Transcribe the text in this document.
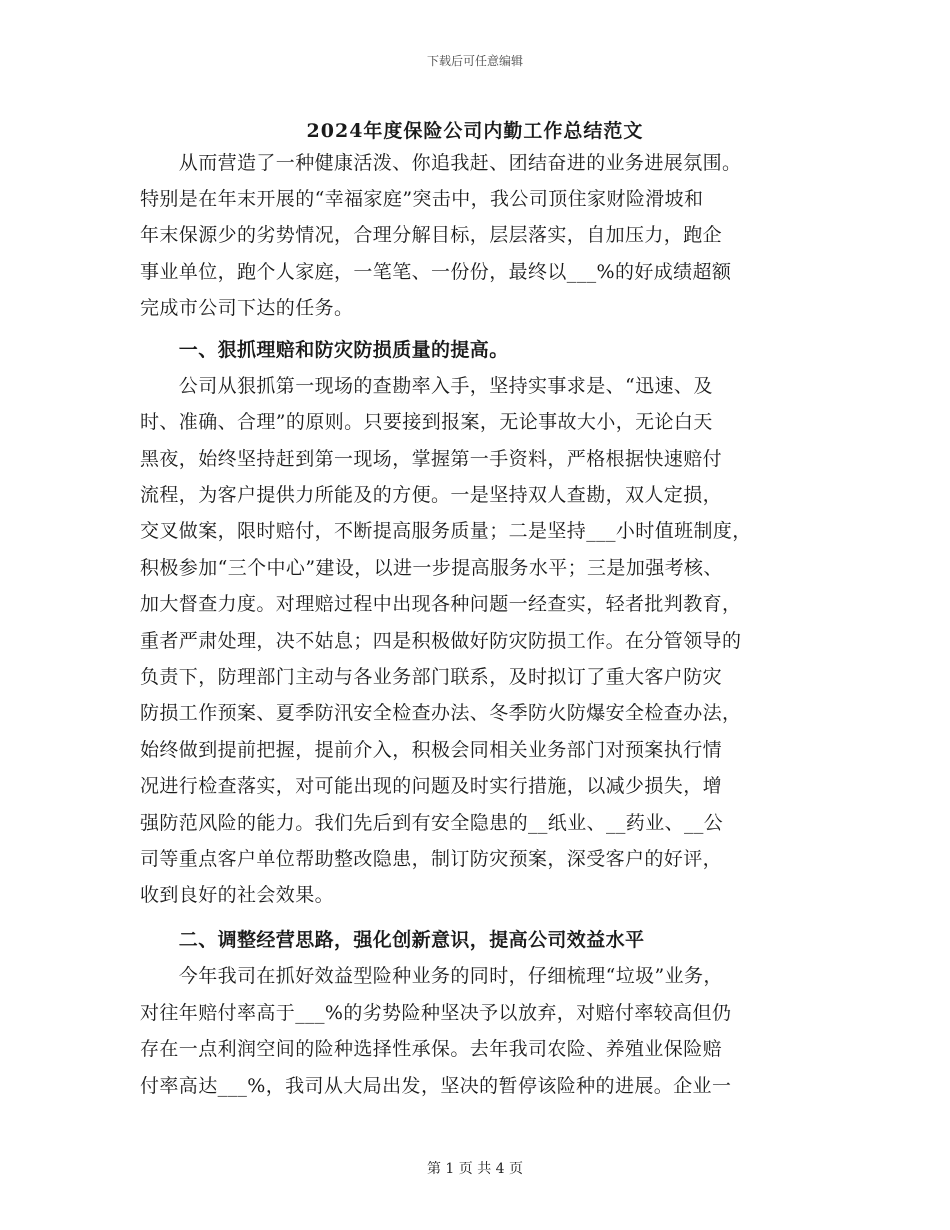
下载后可任意编辑
2024年度保险公司内勤工作总结范文
　　从而营造了一种健康活泼、你追我赶、团结奋进的业务进展氛围。
特别是在年末开展的“幸福家庭”突击中，我公司顶住家财险滑坡和
年末保源少的劣势情况，合理分解目标，层层落实，自加压力，跑企
事业单位，跑个人家庭，一笔笔、一份份，最终以___%的好成绩超额
完成市公司下达的任务。
　　一、狠抓理赔和防灾防损质量的提高。
　　公司从狠抓第一现场的查勘率入手，坚持实事求是、“迅速、及
时、准确、合理”的原则。只要接到报案，无论事故大小，无论白天
黑夜，始终坚持赶到第一现场，掌握第一手资料，严格根据快速赔付
流程，为客户提供力所能及的方便。一是坚持双人查勘，双人定损，
交叉做案，限时赔付，不断提高服务质量；二是坚持___小时值班制度，
积极参加“三个中心”建设，以进一步提高服务水平；三是加强考核、
加大督查力度。对理赔过程中出现各种问题一经查实，轻者批判教育，
重者严肃处理，决不姑息；四是积极做好防灾防损工作。在分管领导的
负责下，防理部门主动与各业务部门联系，及时拟订了重大客户防灾
防损工作预案、夏季防汛安全检查办法、冬季防火防爆安全检查办法，
始终做到提前把握，提前介入，积极会同相关业务部门对预案执行情
况进行检查落实，对可能出现的问题及时实行措施，以减少损失，增
强防范风险的能力。我们先后到有安全隐患的__纸业、__药业、__公
司等重点客户单位帮助整改隐患，制订防灾预案，深受客户的好评，
收到良好的社会效果。
　　二、调整经营思路，强化创新意识，提高公司效益水平
　　今年我司在抓好效益型险种业务的同时，仔细梳理“垃圾”业务，
对往年赔付率高于___%的劣势险种坚决予以放弃，对赔付率较高但仍
存在一点利润空间的险种选择性承保。去年我司农险、养殖业保险赔
付率高达___%，我司从大局出发，坚决的暂停该险种的进展。企业一
第 1 页 共 4 页
